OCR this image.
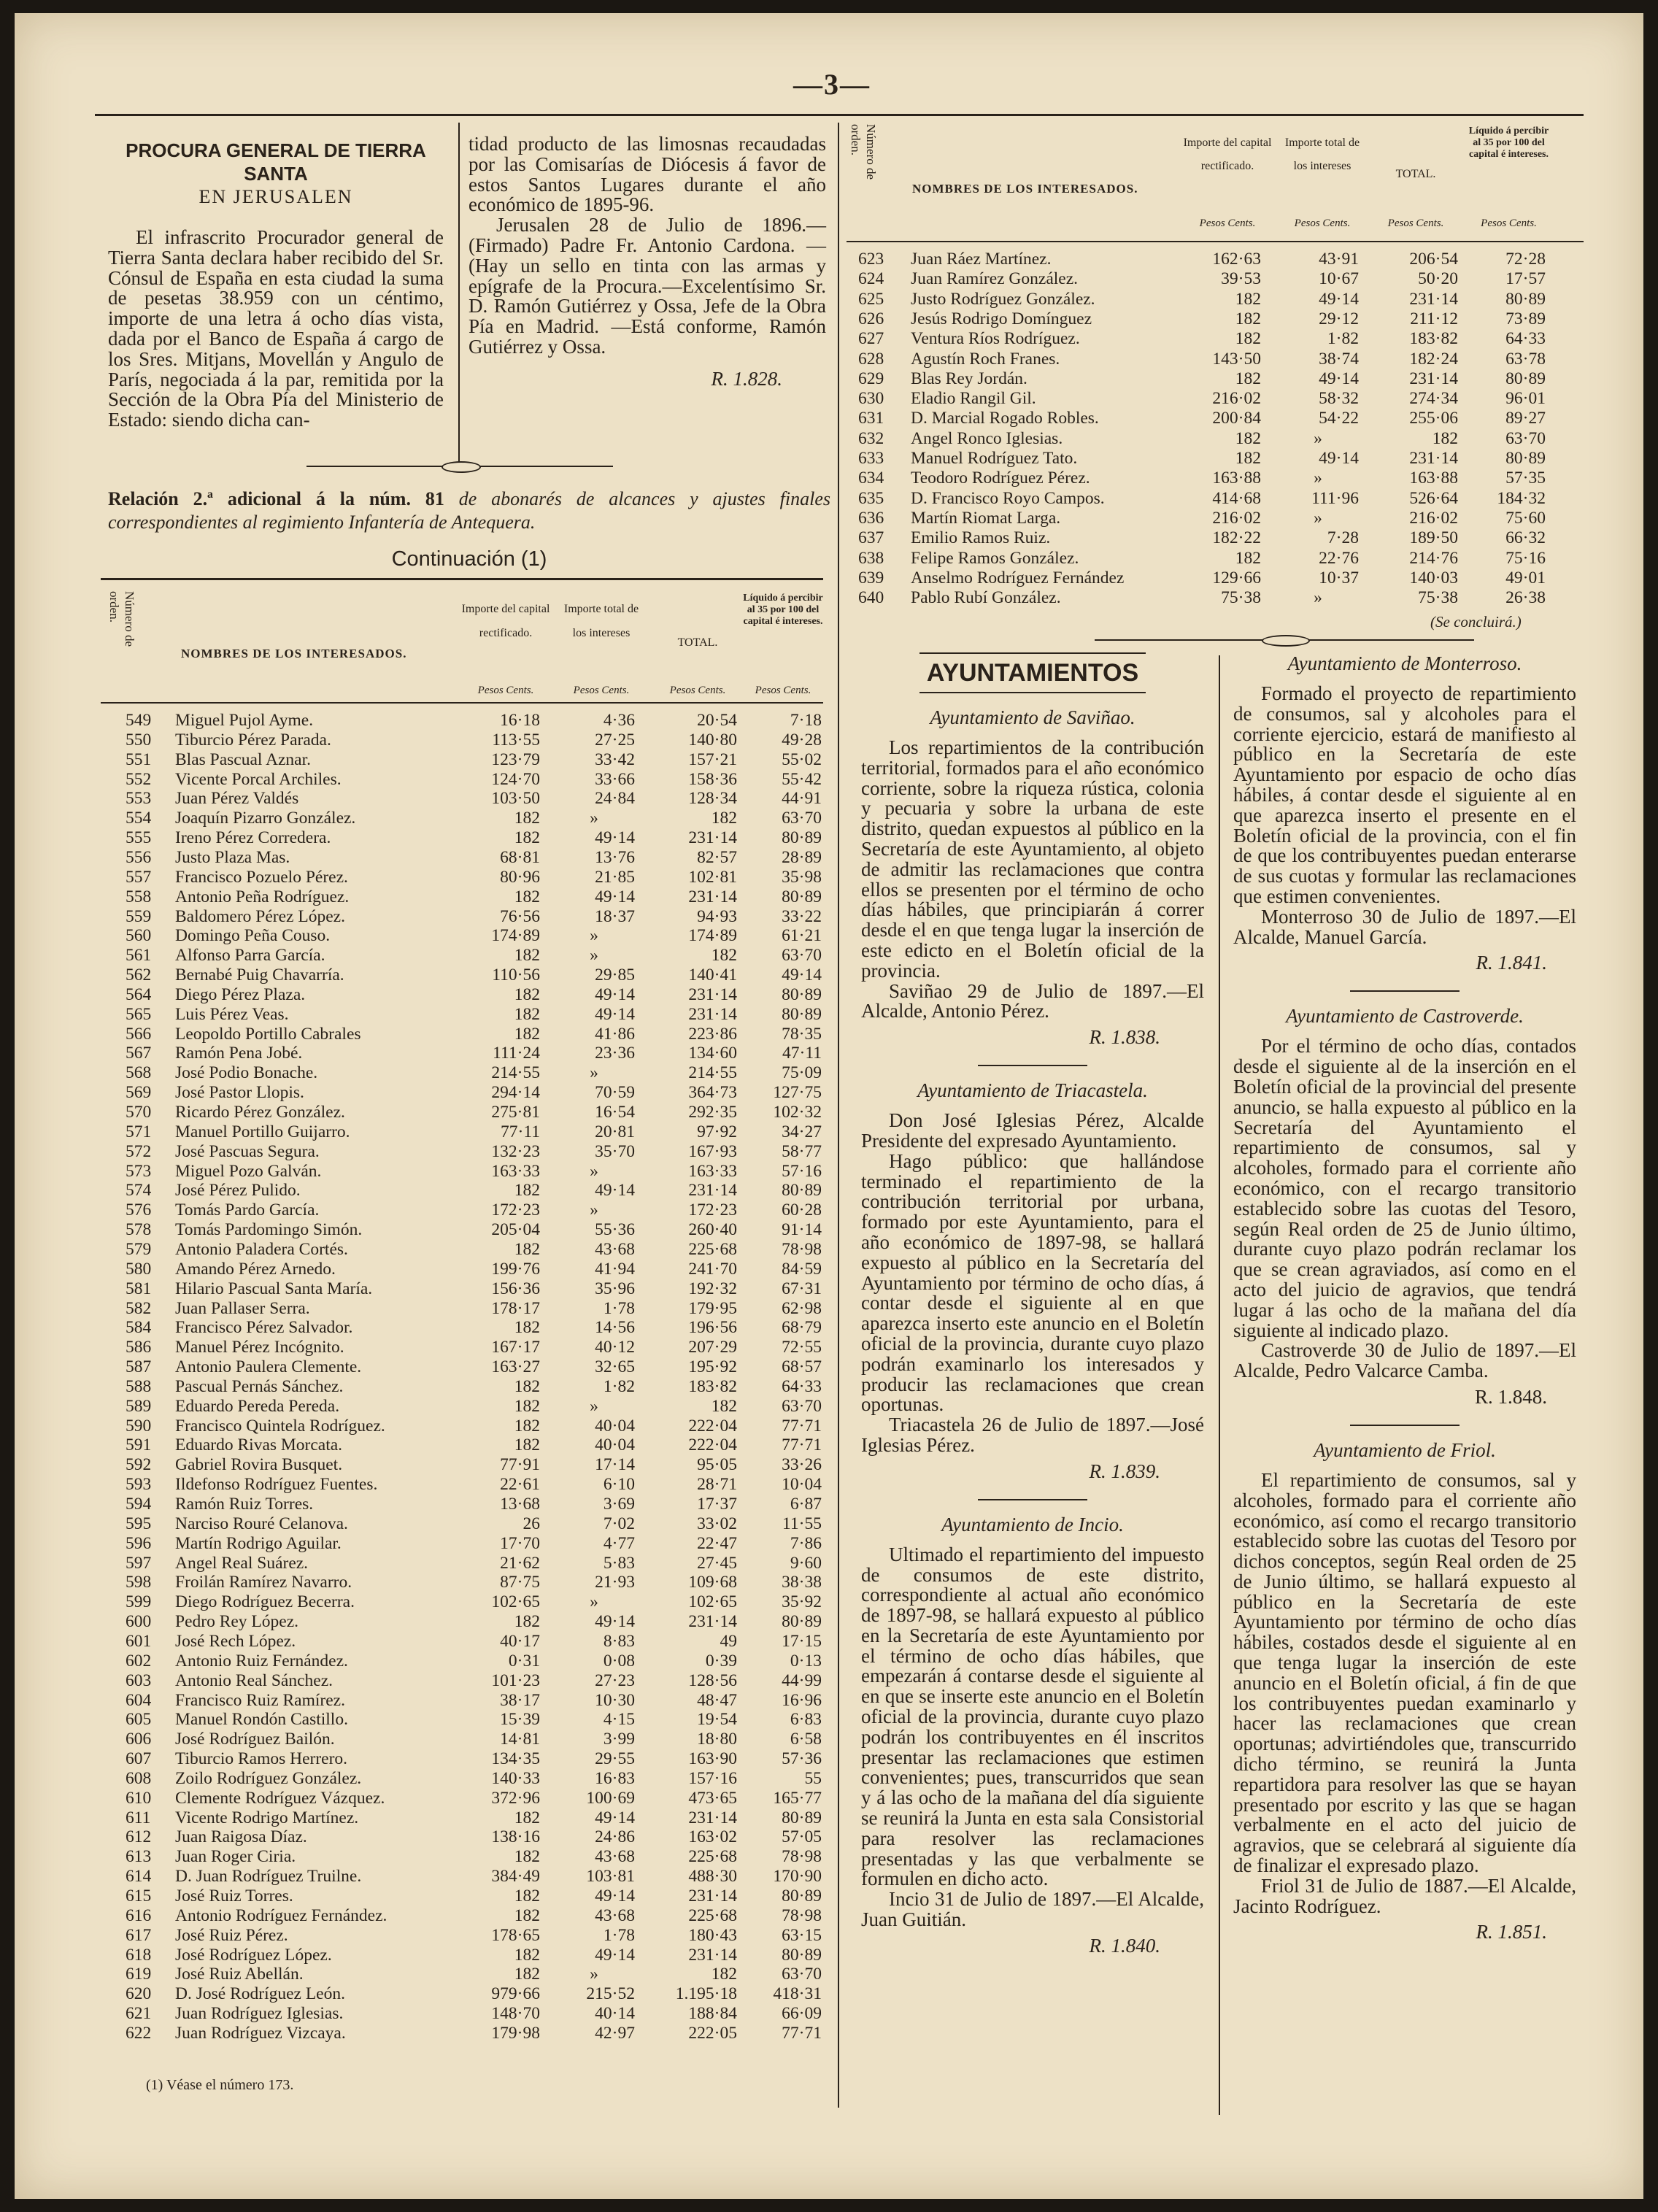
—3—
PROCURA GENERAL DE TIERRA SANTA
EN JERUSALEN

El infrascrito Procurador general de Tierra Santa declara haber recibido del Sr. Cónsul de España en esta ciudad la suma de pesetas 38.959 con un céntimo, importe de una letra á ocho días vista, dada por el Banco de España á cargo de los Sres. Mitjans, Movellán y Angulo de París, negociada á la par, remitida por la Sección de la Obra Pía del Ministerio de Estado: siendo dicha can-

tidad producto de las limosnas recaudadas por las Comisarías de Diócesis á favor de estos Santos Lugares durante el año económico de 1895-96.

Jerusalen 28 de Julio de 1896.—(Firmado) Padre Fr. Antonio Cardona. —(Hay un sello en tinta con las armas y epígrafe de la Procura.—Excelentísimo Sr. D. Ramón Gutiérrez y Ossa, Jefe de la Obra Pía en Madrid. —Está conforme, Ramón Gutiérrez y Ossa.

R. 1.828.
Relación 2.ª adicional á la núm. 81 de abonarés de alcances y ajustes finales correspondientes al regimiento Infantería de Antequera.
Continuación (1)
Número de orden.
NOMBRES DE LOS INTERESADOS.
Importe del capital rectificado.
Importe total de los intereses
TOTAL.
Líquido á percibir al 35 por 100 del capital é intereses.
Pesos Cents.	Pesos Cents.	Pesos Cents.	Pesos Cents.
(1) Véase el número 173.
Número de orden.
NOMBRES DE LOS INTERESADOS.
Importe del capital rectificado.
Importe total de los intereses
TOTAL.
Líquido á percibir al 35 por 100 del capital é intereses.
Pesos Cents.	Pesos Cents.	Pesos Cents.	Pesos Cents.
(Se concluirá.)
AYUNTAMIENTOS
Ayuntamiento de Saviñao.

Los repartimientos de la contribución territorial, formados para el año económico corriente, sobre la riqueza rústica, colonia y pecuaria y sobre la urbana de este distrito, quedan expuestos al público en la Secretaría de este Ayuntamiento, al objeto de admitir las reclamaciones que contra ellos se presenten por el término de ocho días hábiles, que principiarán á correr desde el en que tenga lugar la inserción de este edicto en el Boletín oficial de la provincia.

Saviñao 29 de Julio de 1897.—El Alcalde, Antonio Pérez.

R. 1.838.
Ayuntamiento de Triacastela.

Don José Iglesias Pérez, Alcalde Presidente del expresado Ayuntamiento.

Hago público: que hallándose terminado el repartimiento de la contribución territorial por urbana, formado por este Ayuntamiento, para el año económico de 1897-98, se hallará expuesto al público en la Secretaría del Ayuntamiento por término de ocho días, á contar desde el siguiente al en que aparezca inserto este anuncio en el Boletín oficial de la provincia, durante cuyo plazo podrán examinarlo los interesados y producir las reclamaciones que crean oportunas.

Triacastela 26 de Julio de 1897.—José Iglesias Pérez.

R. 1.839.
Ayuntamiento de Incio.

Ultimado el repartimiento del impuesto de consumos de este distrito, correspondiente al actual año económico de 1897-98, se hallará expuesto al público en la Secretaría de este Ayuntamiento por el término de ocho días hábiles, que empezarán á contarse desde el siguiente al en que se inserte este anuncio en el Boletín oficial de la provincia, durante cuyo plazo podrán los contribuyentes en él inscritos presentar las reclamaciones que estimen convenientes; pues, transcurridos que sean y á las ocho de la mañana del día siguiente se reunirá la Junta en esta sala Consistorial para resolver las reclamaciones presentadas y las que verbalmente se formulen en dicho acto.

Incio 31 de Julio de 1897.—El Alcalde, Juan Guitián.

R. 1.840.
Ayuntamiento de Monterroso.

Formado el proyecto de repartimiento de consumos, sal y alcoholes para el corriente ejercicio, estará de manifiesto al público en la Secretaría de este Ayuntamiento por espacio de ocho días hábiles, á contar desde el siguiente al en que aparezca inserto el presente en el Boletín oficial de la provincia, con el fin de que los contribuyentes puedan enterarse de sus cuotas y formular las reclamaciones que estimen convenientes.

Monterroso 30 de Julio de 1897.—El Alcalde, Manuel García.

R. 1.841.
Ayuntamiento de Castroverde.

Por el término de ocho días, contados desde el siguiente al de la inserción en el Boletín oficial de la provincial del presente anuncio, se halla expuesto al público en la Secretaría del Ayuntamiento el repartimiento de consumos, sal y alcoholes, formado para el corriente año económico, con el recargo transitorio establecido sobre las cuotas del Tesoro, según Real orden de 25 de Junio último, durante cuyo plazo podrán reclamar los que se crean agraviados, así como en el acto del juicio de agravios, que tendrá lugar á las ocho de la mañana del día siguiente al indicado plazo.

Castroverde 30 de Julio de 1897.—El Alcalde, Pedro Valcarce Camba.

R. 1.848.
Ayuntamiento de Friol.

El repartimiento de consumos, sal y alcoholes, formado para el corriente año económico, así como el recargo transitorio establecido sobre las cuotas del Tesoro por dichos conceptos, según Real orden de 25 de Junio último, se hallará expuesto al público en la Secretaría de este Ayuntamiento por término de ocho días hábiles, costados desde el siguiente al en que tenga lugar la inserción de este anuncio en el Boletín oficial, á fin de que los contribuyentes puedan examinarlo y hacer las reclamaciones que crean oportunas; advirtiéndoles que, transcurrido dicho término, se reunirá la Junta repartidora para resolver las que se hayan presentado por escrito y las que se hagan verbalmente en el acto del juicio de agravios, que se celebrará al siguiente día de finalizar el expresado plazo.

Friol 31 de Julio de 1887.—El Alcalde, Jacinto Rodríguez.

R. 1.851.
549	Miguel Pujol Ayme.	16·18	4·36	20·54	7·18
550	Tiburcio Pérez Parada.	113·55	27·25	140·80	49·28
551	Blas Pascual Aznar.	123·79	33·42	157·21	55·02
552	Vicente Porcal Archiles.	124·70	33·66	158·36	55·42
553	Juan Pérez Valdés	103·50	24·84	128·34	44·91
554	Joaquín Pizarro González.	182	»	182	63·70
555	Ireno Pérez Corredera.	182	49·14	231·14	80·89
556	Justo Plaza Mas.	68·81	13·76	82·57	28·89
557	Francisco Pozuelo Pérez.	80·96	21·85	102·81	35·98
558	Antonio Peña Rodríguez.	182	49·14	231·14	80·89
559	Baldomero Pérez López.	76·56	18·37	94·93	33·22
560	Domingo Peña Couso.	174·89	»	174·89	61·21
561	Alfonso Parra García.	182	»	182	63·70
562	Bernabé Puig Chavarría.	110·56	29·85	140·41	49·14
564	Diego Pérez Plaza.	182	49·14	231·14	80·89
565	Luis Pérez Veas.	182	49·14	231·14	80·89
566	Leopoldo Portillo Cabrales	182	41·86	223·86	78·35
567	Ramón Pena Jobé.	111·24	23·36	134·60	47·11
568	José Podio Bonache.	214·55	»	214·55	75·09
569	José Pastor Llopis.	294·14	70·59	364·73	127·75
570	Ricardo Pérez González.	275·81	16·54	292·35	102·32
571	Manuel Portillo Guijarro.	77·11	20·81	97·92	34·27
572	José Pascuas Segura.	132·23	35·70	167·93	58·77
573	Miguel Pozo Galván.	163·33	»	163·33	57·16
574	José Pérez Pulido.	182	49·14	231·14	80·89
576	Tomás Pardo García.	172·23	»	172·23	60·28
578	Tomás Pardomingo Simón.	205·04	55·36	260·40	91·14
579	Antonio Paladera Cortés.	182	43·68	225·68	78·98
580	Amando Pérez Arnedo.	199·76	41·94	241·70	84·59
581	Hilario Pascual Santa María.	156·36	35·96	192·32	67·31
582	Juan Pallaser Serra.	178·17	1·78	179·95	62·98
584	Francisco Pérez Salvador.	182	14·56	196·56	68·79
586	Manuel Pérez Incógnito.	167·17	40·12	207·29	72·55
587	Antonio Paulera Clemente.	163·27	32·65	195·92	68·57
588	Pascual Pernás Sánchez.	182	1·82	183·82	64·33
589	Eduardo Pereda Pereda.	182	»	182	63·70
590	Francisco Quintela Rodríguez.	182	40·04	222·04	77·71
591	Eduardo Rivas Morcata.	182	40·04	222·04	77·71
592	Gabriel Rovira Busquet.	77·91	17·14	95·05	33·26
593	Ildefonso Rodríguez Fuentes.	22·61	6·10	28·71	10·04
594	Ramón Ruiz Torres.	13·68	3·69	17·37	6·87
595	Narciso Rouré Celanova.	26	7·02	33·02	11·55
596	Martín Rodrigo Aguilar.	17·70	4·77	22·47	7·86
597	Angel Real Suárez.	21·62	5·83	27·45	9·60
598	Froilán Ramírez Navarro.	87·75	21·93	109·68	38·38
599	Diego Rodríguez Becerra.	102·65	»	102·65	35·92
600	Pedro Rey López.	182	49·14	231·14	80·89
601	José Rech López.	40·17	8·83	49	17·15
602	Antonio Ruiz Fernández.	0·31	0·08	0·39	0·13
603	Antonio Real Sánchez.	101·23	27·23	128·56	44·99
604	Francisco Ruiz Ramírez.	38·17	10·30	48·47	16·96
605	Manuel Rondón Castillo.	15·39	4·15	19·54	6·83
606	José Rodríguez Bailón.	14·81	3·99	18·80	6·58
607	Tiburcio Ramos Herrero.	134·35	29·55	163·90	57·36
608	Zoilo Rodríguez González.	140·33	16·83	157·16	55
610	Clemente Rodríguez Vázquez.	372·96	100·69	473·65	165·77
611	Vicente Rodrigo Martínez.	182	49·14	231·14	80·89
612	Juan Raigosa Díaz.	138·16	24·86	163·02	57·05
613	Juan Roger Ciria.	182	43·68	225·68	78·98
614	D. Juan Rodríguez Truilne.	384·49	103·81	488·30	170·90
615	José Ruiz Torres.	182	49·14	231·14	80·89
616	Antonio Rodríguez Fernández.	182	43·68	225·68	78·98
617	José Ruiz Pérez.	178·65	1·78	180·43	63·15
618	José Rodríguez López.	182	49·14	231·14	80·89
619	José Ruiz Abellán.	182	»	182	63·70
620	D. José Rodríguez León.	979·66	215·52	1.195·18	418·31
621	Juan Rodríguez Iglesias.	148·70	40·14	188·84	66·09
622	Juan Rodríguez Vizcaya.	179·98	42·97	222·05	77·71
623	Juan Ráez Martínez.	162·63	43·91	206·54	72·28
624	Juan Ramírez González.	39·53	10·67	50·20	17·57
625	Justo Rodríguez González.	182	49·14	231·14	80·89
626	Jesús Rodrigo Domínguez	182	29·12	211·12	73·89
627	Ventura Ríos Rodríguez.	182	1·82	183·82	64·33
628	Agustín Roch Franes.	143·50	38·74	182·24	63·78
629	Blas Rey Jordán.	182	49·14	231·14	80·89
630	Eladio Rangil Gil.	216·02	58·32	274·34	96·01
631	D. Marcial Rogado Robles.	200·84	54·22	255·06	89·27
632	Angel Ronco Iglesias.	182	»	182	63·70
633	Manuel Rodríguez Tato.	182	49·14	231·14	80·89
634	Teodoro Rodríguez Pérez.	163·88	»	163·88	57·35
635	D. Francisco Royo Campos.	414·68	111·96	526·64	184·32
636	Martín Riomat Larga.	216·02	»	216·02	75·60
637	Emilio Ramos Ruiz.	182·22	7·28	189·50	66·32
638	Felipe Ramos González.	182	22·76	214·76	75·16
639	Anselmo Rodríguez Fernández	129·66	10·37	140·03	49·01
640	Pablo Rubí González.	75·38	»	75·38	26·38
